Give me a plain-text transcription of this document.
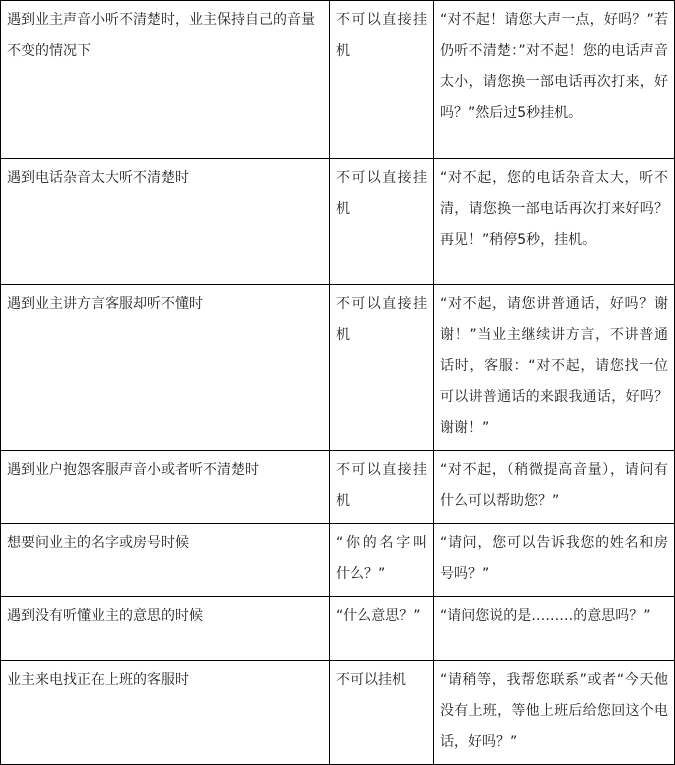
遇到业主声音小听不清楚时，业主保持自己的音量不变的情况下	不可以直接挂机	“对不起！请您大声一点，好吗？”若仍听不清楚：”对不起！您的电话声音太小，请您换一部电话再次打来，好吗？”然后过5秒挂机。
遇到电话杂音太大听不清楚时	不可以直接挂机	“对不起，您的电话杂音太大，听不清，请您换一部电话再次打来好吗？再见！”稍停5秒，挂机。
遇到业主讲方言客服却听不懂时	不可以直接挂机	“对不起，请您讲普通话，好吗？谢谢！”当业主继续讲方言，不讲普通话时，客服：“对不起，请您找一位可以讲普通话的来跟我通话，好吗？谢谢！”
遇到业户抱怨客服声音小或者听不清楚时	不可以直接挂机	“对不起，（稍微提高音量），请问有什么可以帮助您？”
想要问业主的名字或房号时候	“你的名字叫什么？”	“请问，您可以告诉我您的姓名和房号吗？”
遇到没有听懂业主的意思的时候	“什么意思？”	“请问您说的是………的意思吗？”
业主来电找正在上班的客服时	不可以挂机	“请稍等，我帮您联系”或者“今天他没有上班，等他上班后给您回这个电话，好吗？”
